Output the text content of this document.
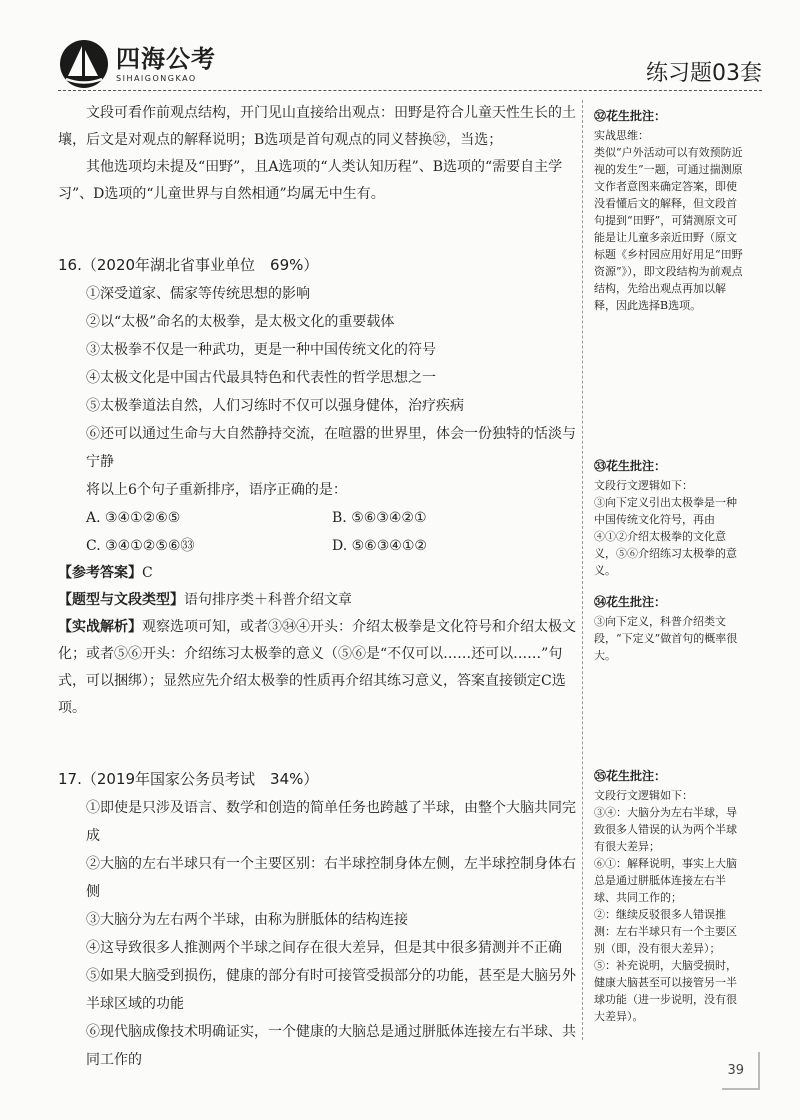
四海公考
SIHAIGONGKAO	练习题03套

文段可看作前观点结构，开门见山直接给出观点：田野是符合儿童天性生长的土壤，后文是对观点的解释说明；B选项是首句观点的同义替换㉜，当选；

其他选项均未提及“田野”，且A选项的“人类认知历程”、B选项的“需要自主学习”、D选项的“儿童世界与自然相通”均属无中生有。

16.（2020年湖北省事业单位　69%）
①深受道家、儒家等传统思想的影响
②以“太极”命名的太极拳，是太极文化的重要载体
③太极拳不仅是一种武功，更是一种中国传统文化的符号
④太极文化是中国古代最具特色和代表性的哲学思想之一
⑤太极拳道法自然，人们习练时不仅可以强身健体，治疗疾病
⑥还可以通过生命与大自然静持交流，在喧嚣的世界里，体会一份独特的恬淡与宁静
将以上6个句子重新排序，语序正确的是：
A. ③④①②⑥⑤	B. ⑤⑥③④②①
C. ③④①②⑤⑥㉝	D. ⑤⑥③④①②

【参考答案】C

【题型与文段类型】语句排序类＋科普介绍文章

【实战解析】观察选项可知，或者③㉞④开头：介绍太极拳是文化符号和介绍太极文化；或者⑤⑥开头：介绍练习太极拳的意义（⑤⑥是“不仅可以……还可以……”句式，可以捆绑）；显然应先介绍太极拳的性质再介绍其练习意义，答案直接锁定C选项。

17.（2019年国家公务员考试　34%）
①即使是只涉及语言、数学和创造的简单任务也跨越了半球，由整个大脑共同完成
②大脑的左右半球只有一个主要区别：右半球控制身体左侧，左半球控制身体右侧
③大脑分为左右两个半球，由称为胼胝体的结构连接
④这导致很多人推测两个半球之间存在很大差异，但是其中很多猜测并不正确
⑤如果大脑受到损伤，健康的部分有时可接管受损部分的功能，甚至是大脑另外半球区域的功能
⑥现代脑成像技术明确证实，一个健康的大脑总是通过胼胝体连接左右半球、共同工作的
㉜花生批注：

实战思维：

类似“户外活动可以有效预防近视的发生”一题，可通过揣测原文作者意图来确定答案，即使没看懂后文的解释，但文段首句提到“田野”，可猜测原文可能是让儿童多亲近田野（原文标题《乡村园应用好用足“田野资源”》），即文段结构为前观点结构，先给出观点再加以解释，因此选择B选项。

㉝花生批注：

文段行文逻辑如下：

③向下定义引出太极拳是一种中国传统文化符号，再由④①②介绍太极拳的文化意义，⑤⑥介绍练习太极拳的意义。

㉞花生批注：

③向下定义，科普介绍类文段，“下定义”做首句的概率很大。

㉟花生批注：

文段行文逻辑如下：

③④：大脑分为左右半球，导致很多人错误的认为两个半球有很大差异；

⑥①：解释说明，事实上大脑总是通过胼胝体连接左右半球、共同工作的；

②：继续反驳很多人错误推测：左右半球只有一个主要区别（即，没有很大差异）；

⑤：补充说明，大脑受损时，健康大脑甚至可以接管另一半球功能（进一步说明，没有很大差异）。

39
